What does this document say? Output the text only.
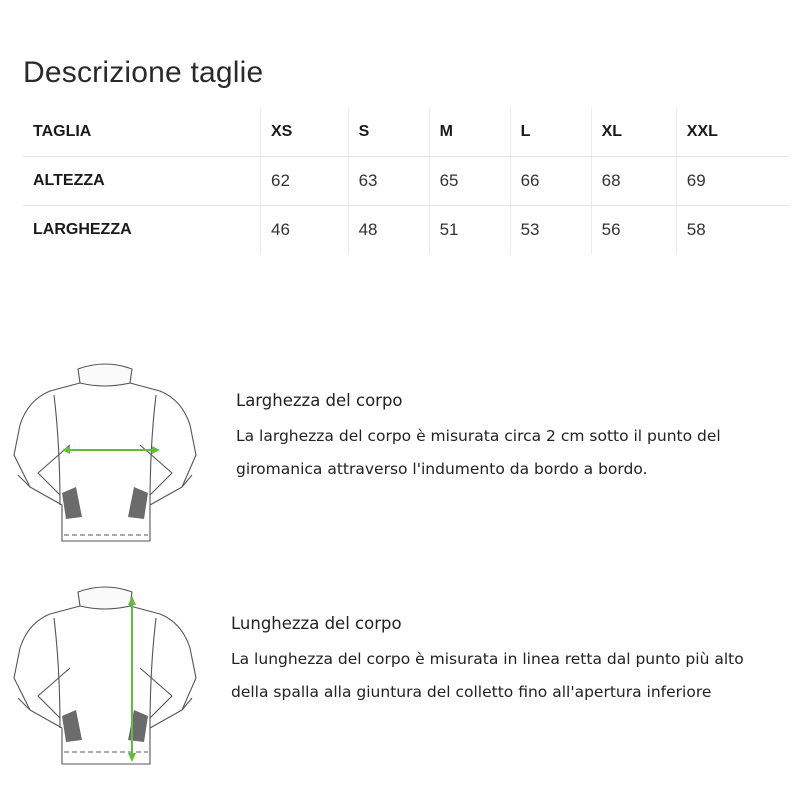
Descrizione taglie
TAGLIA	XS	S	M	L	XL	XXL
ALTEZZA	62	63	65	66	68	69
LARGHEZZA	46	48	51	53	56	58
Larghezza del corpo
La larghezza del corpo è misurata circa 2 cm sotto il punto del
giromanica attraverso l'indumento da bordo a bordo.
Lunghezza del corpo
La lunghezza del corpo è misurata in linea retta dal punto più alto
della spalla alla giuntura del colletto fino all'apertura inferiore
